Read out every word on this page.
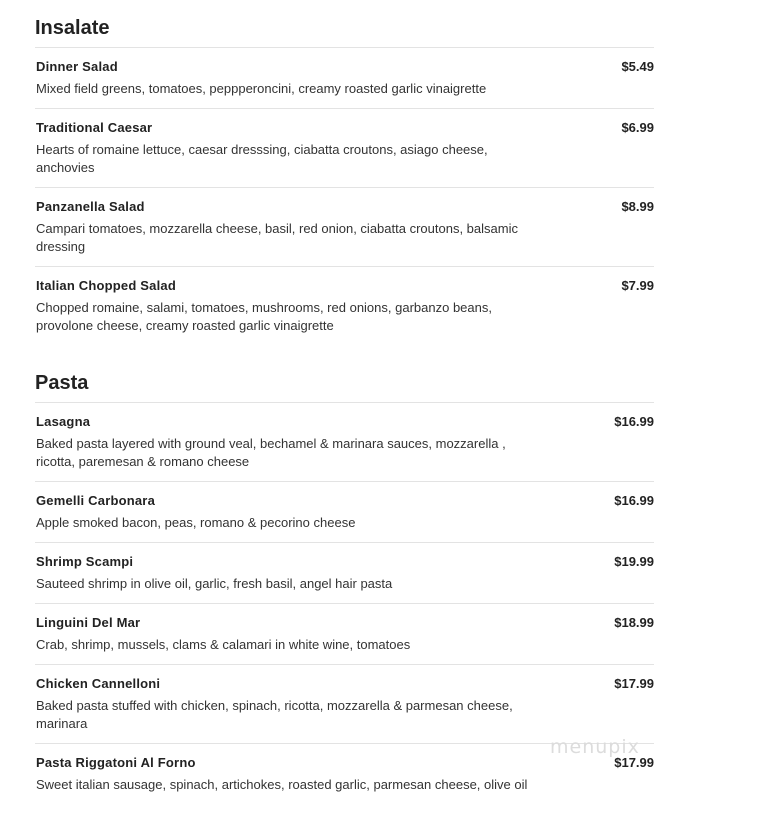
Insalate
Dinner Salad	$5.49
Mixed field greens, tomatoes, peppperoncini, creamy roasted garlic vinaigrette
Traditional Caesar	$6.99
Hearts of romaine lettuce, caesar dresssing, ciabatta croutons, asiago cheese, anchovies
Panzanella Salad	$8.99
Campari tomatoes, mozzarella cheese, basil, red onion, ciabatta croutons, balsamic dressing
Italian Chopped Salad	$7.99
Chopped romaine, salami, tomatoes, mushrooms, red onions, garbanzo beans, provolone cheese, creamy roasted garlic vinaigrette
Pasta
Lasagna	$16.99
Baked pasta layered with ground veal, bechamel & marinara sauces, mozzarella , ricotta, paremesan & romano cheese
Gemelli Carbonara	$16.99
Apple smoked bacon, peas, romano & pecorino cheese
Shrimp Scampi	$19.99
Sauteed shrimp in olive oil, garlic, fresh basil, angel hair pasta
Linguini Del Mar	$18.99
Crab, shrimp, mussels, clams & calamari in white wine, tomatoes
Chicken Cannelloni	$17.99
Baked pasta stuffed with chicken, spinach, ricotta, mozzarella & parmesan cheese, marinara
Pasta Riggatoni Al Forno	$17.99
Sweet italian sausage, spinach, artichokes, roasted garlic, parmesan cheese, olive oil
menupix
